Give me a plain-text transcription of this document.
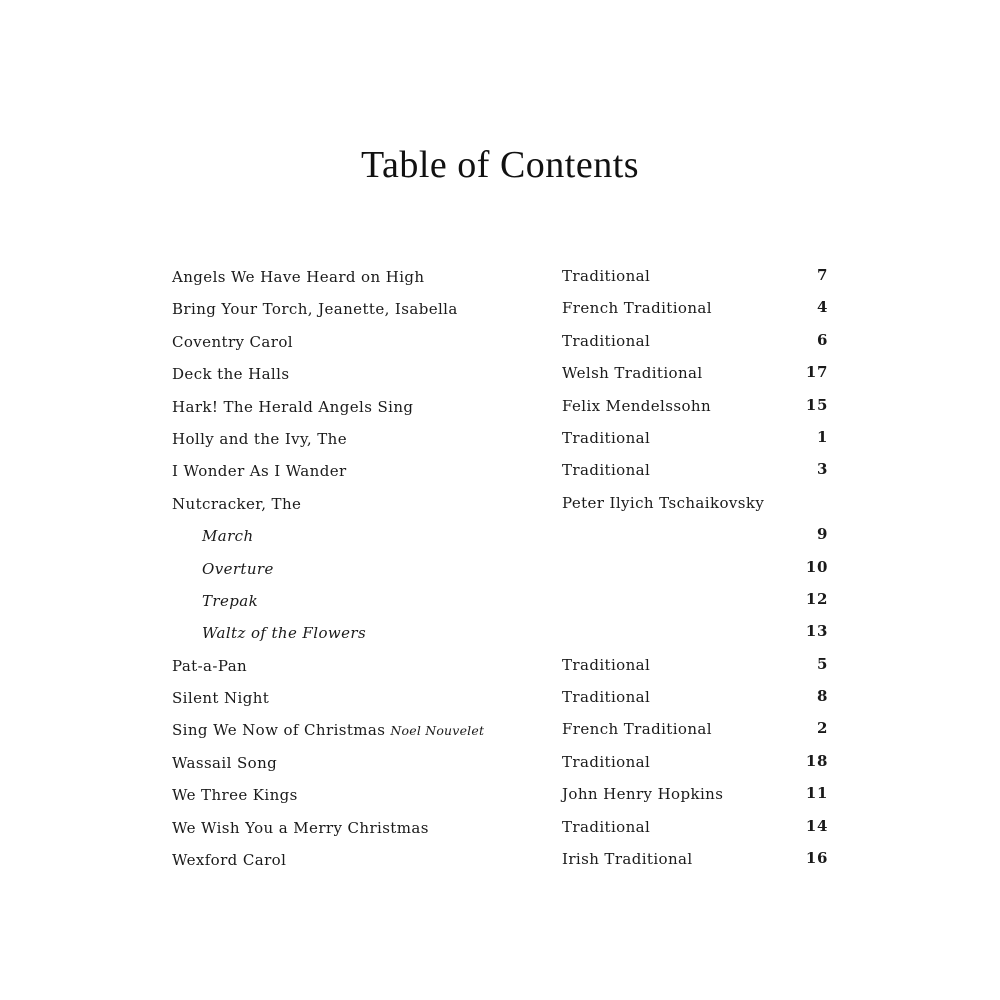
Table of Contents
Angels We Have Heard on High	Traditional	7
Bring Your Torch, Jeanette, Isabella	French Traditional	4
Coventry Carol	Traditional	6
Deck the Halls	Welsh Traditional	17
Hark! The Herald Angels Sing	Felix Mendelssohn	15
Holly and the Ivy, The	Traditional	1
I Wonder As I Wander	Traditional	3
Nutcracker, The	Peter Ilyich Tschaikovsky
March	9
Overture	10
Trepak	12
Waltz of the Flowers	13
Pat-a-Pan	Traditional	5
Silent Night	Traditional	8
Sing We Now of Christmas Noel Nouvelet	French Traditional	2
Wassail Song	Traditional	18
We Three Kings	John Henry Hopkins	11
We Wish You a Merry Christmas	Traditional	14
Wexford Carol	Irish Traditional	16
